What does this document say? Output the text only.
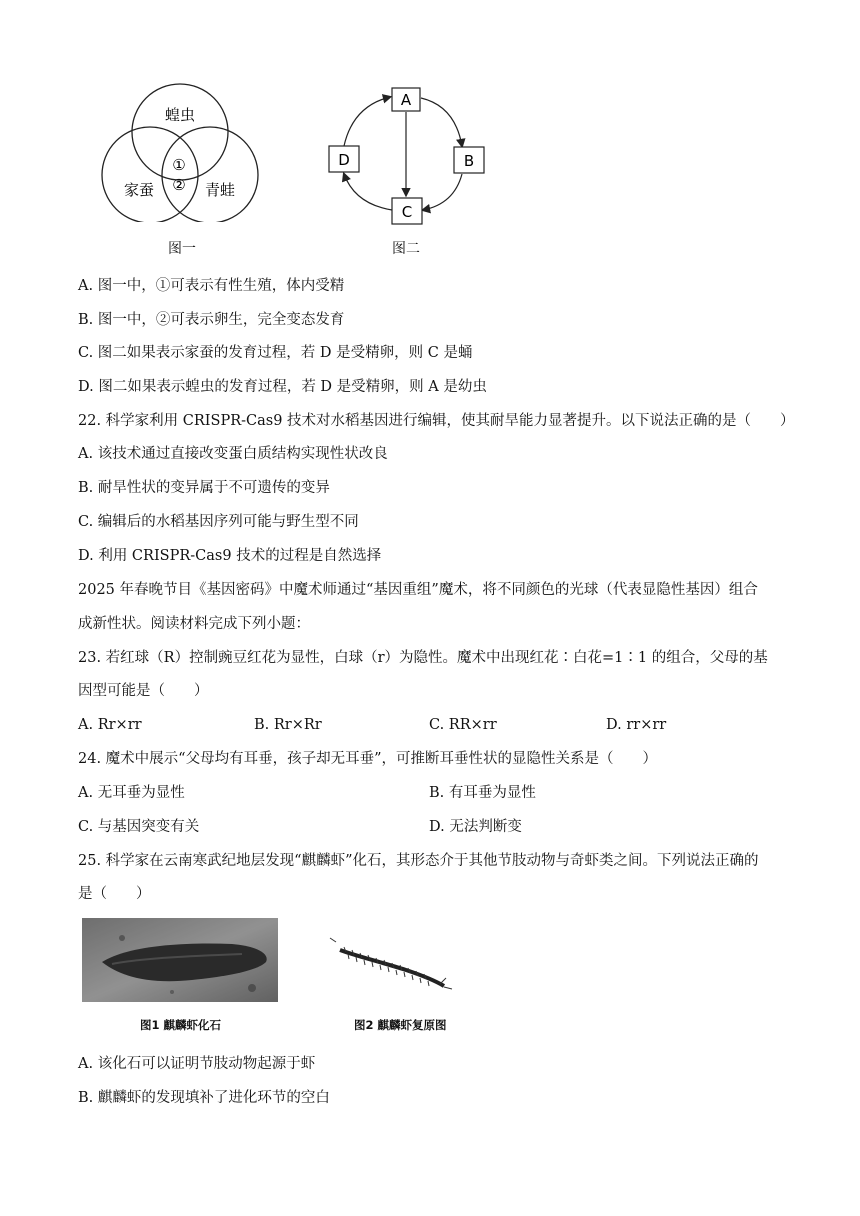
蝗虫
家蚕	青蛙
①
②
图一
A
B
C
D
图二
A. 图一中，①可表示有性生殖，体内受精
B. 图一中，②可表示卵生，完全变态发育
C. 图二如果表示家蚕的发育过程，若 D 是受精卵，则 C 是蛹
D. 图二如果表示蝗虫的发育过程，若 D 是受精卵，则 A 是幼虫
22. 科学家利用 CRISPR-Cas9 技术对水稻基因进行编辑，使其耐旱能力显著提升。以下说法正确的是（　　）
A. 该技术通过直接改变蛋白质结构实现性状改良
B. 耐旱性状的变异属于不可遗传的变异
C. 编辑后的水稻基因序列可能与野生型不同
D. 利用 CRISPR-Cas9 技术的过程是自然选择
2025 年春晚节目《基因密码》中魔术师通过“基因重组”魔术，将不同颜色的光球（代表显隐性基因）组合
成新性状。阅读材料完成下列小题：
23. 若红球（R）控制豌豆红花为显性，白球（r）为隐性。魔术中出现红花∶白花=1∶1 的组合，父母的基
因型可能是（　　）
A. Rr×rr	B. Rr×Rr	C. RR×rr	D. rr×rr
24. 魔术中展示“父母均有耳垂，孩子却无耳垂”，可推断耳垂性状的显隐性关系是（　　）
A. 无耳垂为显性	B. 有耳垂为显性
C. 与基因突变有关	D. 无法判断变
25. 科学家在云南寒武纪地层发现“麒麟虾”化石，其形态介于其他节肢动物与奇虾类之间。下列说法正确的
是（　　）
图1 麒麟虾化石	图2 麒麟虾复原图
A. 该化石可以证明节肢动物起源于虾
B. 麒麟虾的发现填补了进化环节的空白
